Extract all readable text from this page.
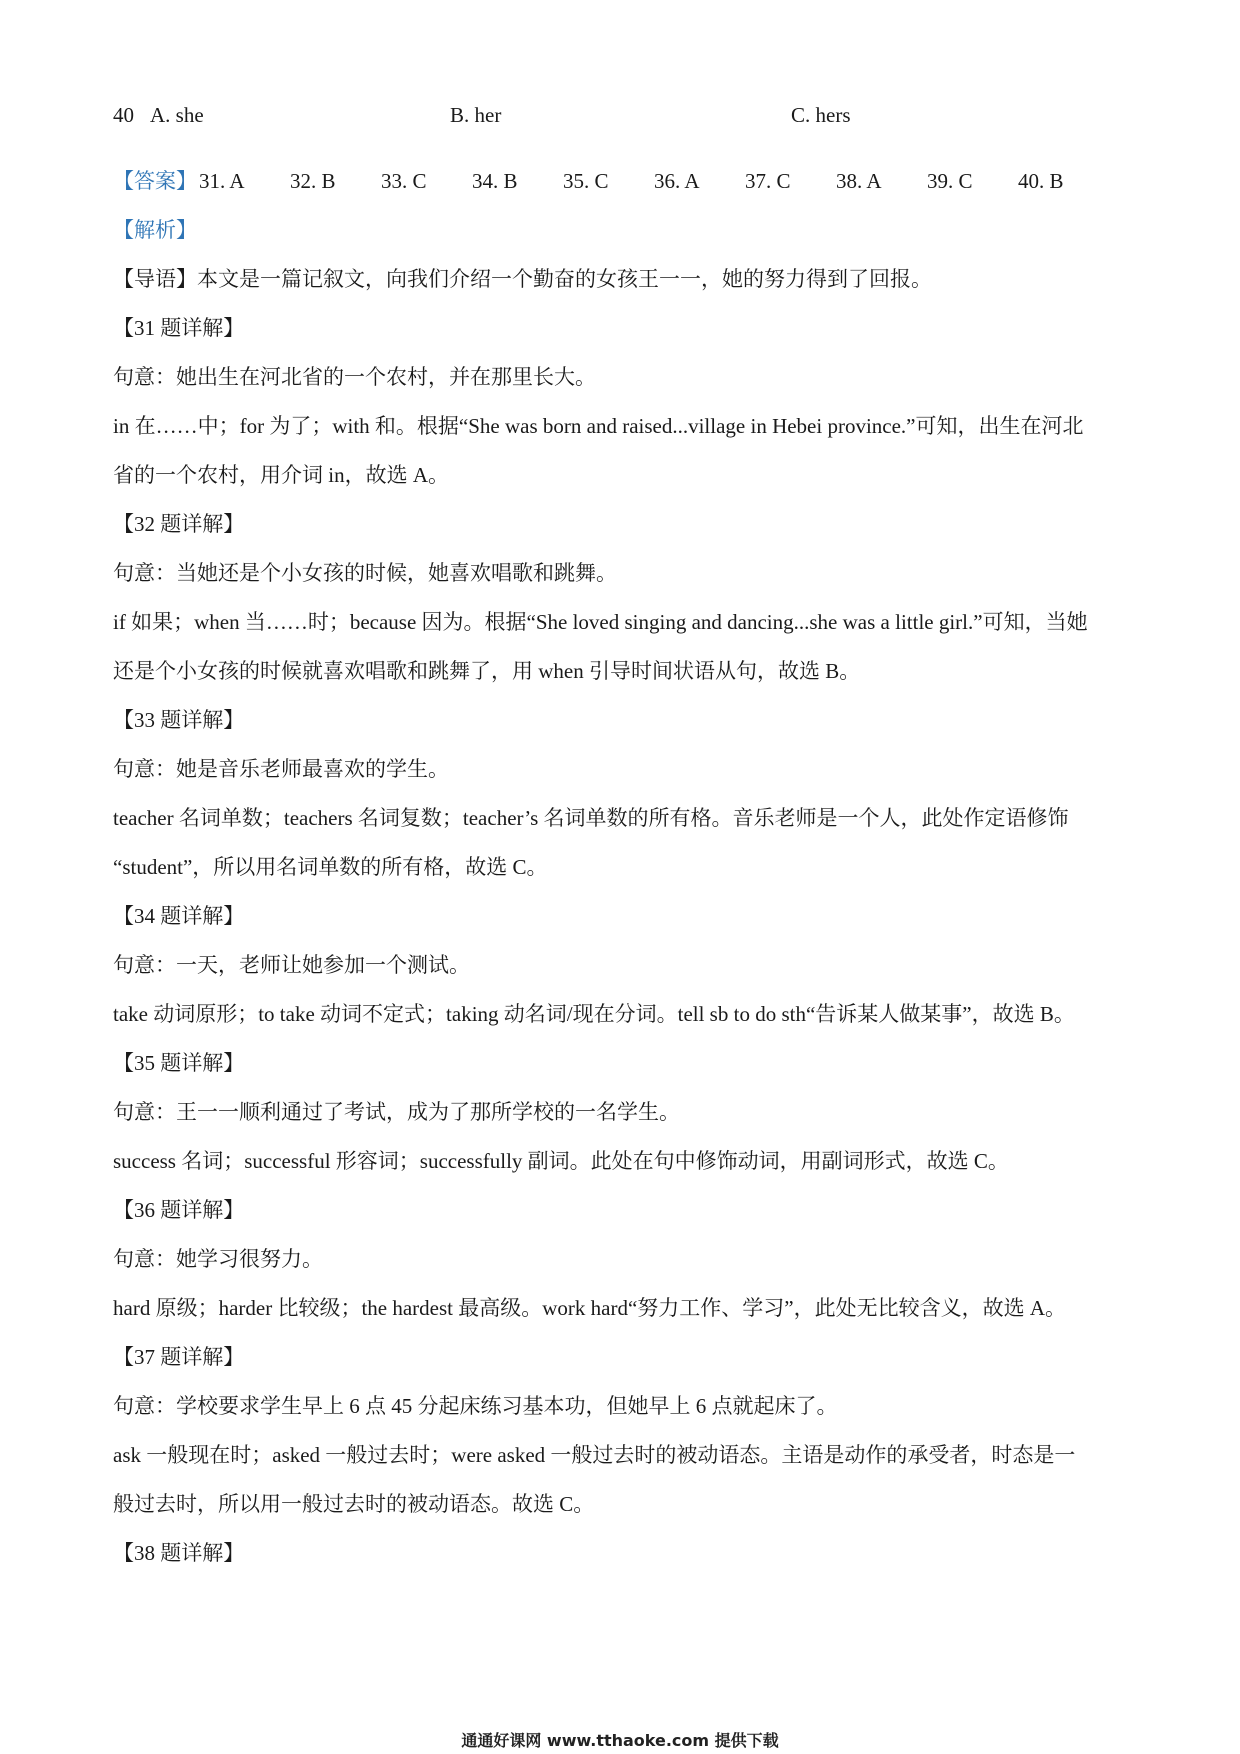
40 A. she	B. her	C. hers
【答案】 31. A 32. B 33. C 34. B 35. C 36. A 37. C 38. A 39. C 40. B
【解析】
【导语】本文是一篇记叙文，向我们介绍一个勤奋的女孩王一一，她的努力得到了回报。
【31 题详解】
句意：她出生在河北省的一个农村，并在那里长大。
in 在……中；for 为了；with 和。根据“She was born and raised...village in Hebei province.”可知，出生在河北
省的一个农村，用介词 in，故选 A。
【32 题详解】
句意：当她还是个小女孩的时候，她喜欢唱歌和跳舞。
if 如果；when 当……时；because 因为。根据“She loved singing and dancing...she was a little girl.”可知，当她
还是个小女孩的时候就喜欢唱歌和跳舞了，用 when 引导时间状语从句，故选 B。
【33 题详解】
句意：她是音乐老师最喜欢的学生。
teacher 名词单数；teachers 名词复数；teacher’s 名词单数的所有格。音乐老师是一个人，此处作定语修饰
“student”，所以用名词单数的所有格，故选 C。
【34 题详解】
句意：一天，老师让她参加一个测试。
take 动词原形；to take 动词不定式；taking 动名词/现在分词。tell sb to do sth“告诉某人做某事”，故选 B。
【35 题详解】
句意：王一一顺利通过了考试，成为了那所学校的一名学生。
success 名词；successful 形容词；successfully 副词。此处在句中修饰动词，用副词形式，故选 C。
【36 题详解】
句意：她学习很努力。
hard 原级；harder 比较级；the hardest 最高级。work hard“努力工作、学习”，此处无比较含义，故选 A。
【37 题详解】
句意：学校要求学生早上 6 点 45 分起床练习基本功，但她早上 6 点就起床了。
ask 一般现在时；asked 一般过去时；were asked 一般过去时的被动语态。主语是动作的承受者，时态是一
般过去时，所以用一般过去时的被动语态。故选 C。
【38 题详解】
通通好课网 www.tthaoke.com 提供下载
